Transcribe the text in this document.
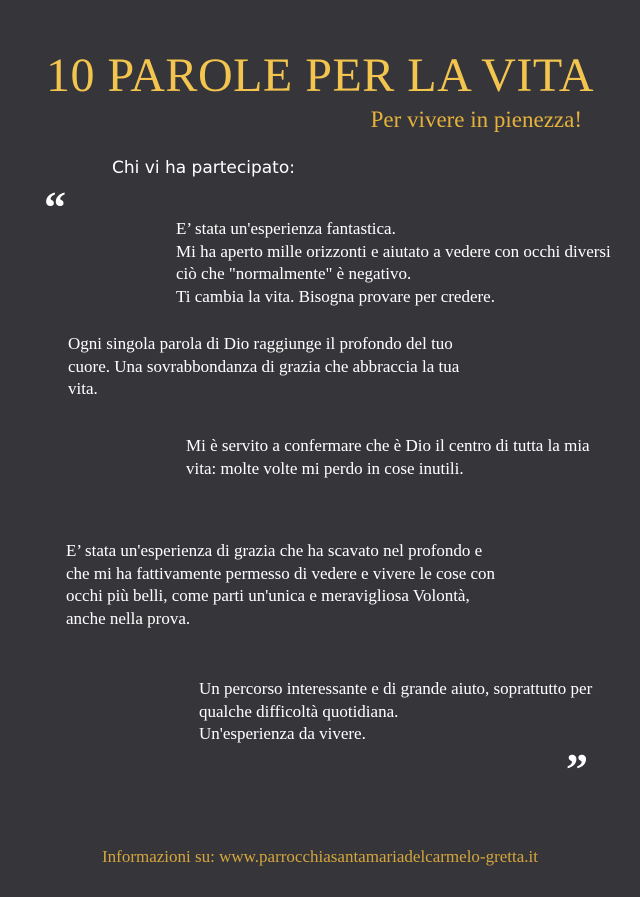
10 PAROLE PER LA VITA
Per vivere in pienezza!
Chi vi ha partecipato:
“	E’ stata un'esperienza fantastica.
Mi ha aperto mille orizzonti e aiutato a vedere con occhi diversi ciò che "normalmente" è negativo.
Ti cambia la vita. Bisogna provare per credere.

Ogni singola parola di Dio raggiunge il profondo del tuo cuore. Una sovrabbondanza di grazia che abbraccia la tua vita.

Mi è servito a confermare che è Dio il centro di tutta la mia vita: molte volte mi perdo in cose inutili.

E’ stata un'esperienza di grazia che ha scavato nel profondo e che mi ha fattivamente permesso di vedere e vivere le cose con occhi più belli, come parti un'unica e meravigliosa Volontà, anche nella prova.

Un percorso interessante e di grande aiuto, soprattutto per qualche difficoltà quotidiana.
Un'esperienza da vivere.

”
Informazioni su: www.parrocchiasantamariadelcarmelo-gretta.it
